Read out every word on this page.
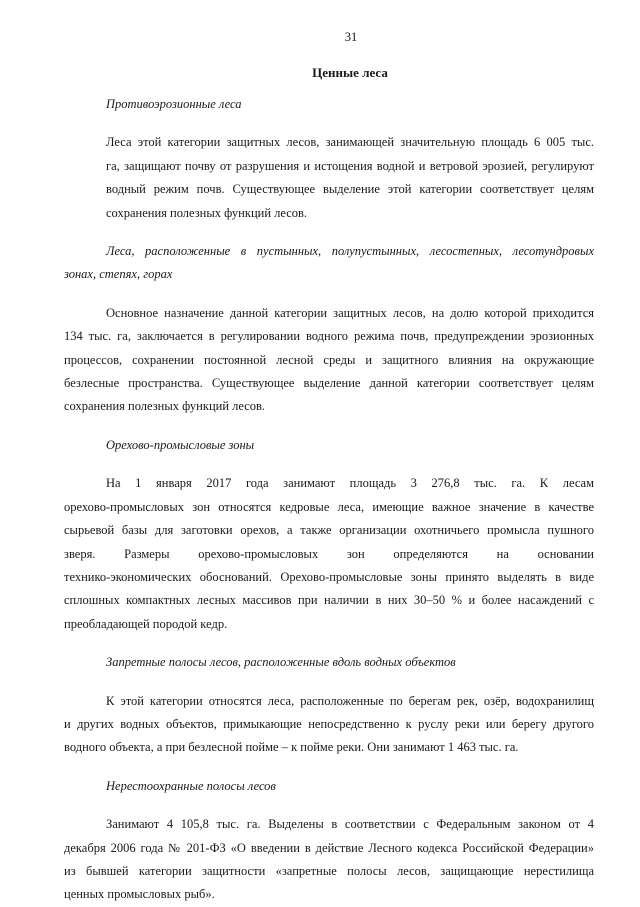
31

Ценные леса

Противоэрозионные леса

Леса этой категории защитных лесов, занимающей значительную площадь 6 005 тыс.
га, защищают почву от разрушения и истощения водной и ветровой эрозией, регулируют
водный режим почв. Существующее выделение этой категории соответствует целям
сохранения полезных функций лесов.

Леса, расположенные в пустынных, полупустынных, лесостепных, лесотундровых
зонах, степях, горах

Основное назначение данной категории защитных лесов, на долю которой приходится
134 тыс. га, заключается в регулировании водного режима почв, предупреждении эрозионных
процессов, сохранении постоянной лесной среды и защитного влияния на окружающие
безлесные пространства. Существующее выделение данной категории соответствует целям
сохранения полезных функций лесов.

Орехово-промысловые зоны

На 1 января 2017 года занимают площадь 3 276,8 тыс. га. К лесам
орехово-промысловых зон относятся кедровые леса, имеющие важное значение в качестве
сырьевой базы для заготовки орехов, а также организации охотничьего промысла пушного
зверя. Размеры орехово-промысловых зон определяются на основании
технико-экономических обоснований. Орехово-промысловые зоны принято выделять в виде
сплошных компактных лесных массивов при наличии в них 30–50 % и более насаждений с
преобладающей породой кедр.

Запретные полосы лесов, расположенные вдоль водных объектов

К этой категории относятся леса, расположенные по берегам рек, озёр, водохранилищ
и других водных объектов, примыкающие непосредственно к руслу реки или берегу другого
водного объекта, а при безлесной пойме – к пойме реки. Они занимают 1 463 тыс. га.

Нерестоохранные полосы лесов

Занимают 4 105,8 тыс. га. Выделены в соответствии с Федеральным законом от 4
декабря 2006 года № 201-ФЗ «О введении в действие Лесного кодекса Российской Федерации»
из бывшей категории защитности «запретные полосы лесов, защищающие нерестилища
ценных промысловых рыб».
